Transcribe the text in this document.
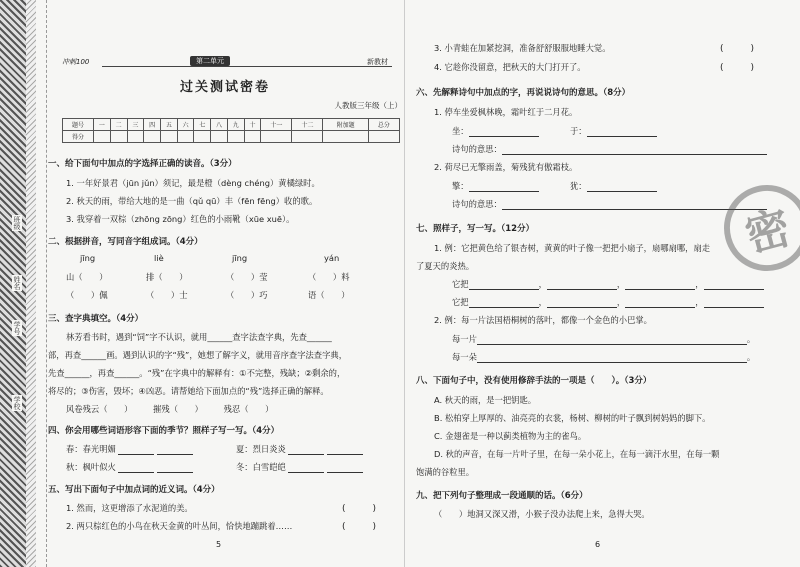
班级
姓名
学号
学校
冲刺100	第二单元	新教材
过关测试密卷
人教版三年级（上）
题号	一	二	三	四	五	六	七	八	九	十	十一	十二	附加题	总分
得分														
一、给下面句中加点的字选择正确的读音。（3分）
1. 一年好景君（jūn jǔn）须记，最是橙（dèng chéng）黄橘绿时。
2. 秋天的雨，带给大地的是一曲（qǔ qū）丰（fēn fēng）收的歌。
3. 我穿着一双棕（zhōng zōng）红色的小雨靴（xūe xuē）。
二、根据拼音，写同音字组成词。（4分）
jīng	liè	jīng	yán
山（　　）	排（　　）	（　　）莹	（　　）料
（　　）佩	（　　）士	（　　）巧	语（　　）
三、查字典填空。（4分）
林芳看书时，遇到“饲”字不认识，就用______查字法查字典，先查______
部，再查______画。遇到认识的字“残”，她想了解字义，就用音序查字法查字典，
先查______，再查______。“残”在字典中的解释有：①不完整，残缺；②剩余的，
将尽的；③伤害，毁坏；④凶恶。请帮她给下面加点的“残”选择正确的解释。
风卷残云（　　）　　　摧残（　　）　　　残忍（　　）
四、你会用哪些词语形容下面的季节？照样子写一写。（4分）
春：春光明媚	夏：烈日炎炎
秋：枫叶似火	冬：白雪皑皑
五、写出下面句子中加点词的近义词。（4分）
1. 然而，这更增添了水泥道的美。	(　　　)
2. 两只棕红色的小鸟在秋天金黄的叶丛间，恰快地蹦跳着……	(　　　)
5
3. 小青蛙在加紧挖洞，准备舒舒服服地睡大觉。	(　　　)
4. 它趁你没留意，把秋天的大门打开了。	(　　　)
六、先解释诗句中加点的字，再说说诗句的意思。（8分）
1. 停车坐爱枫林晚，霜叶红于二月花。
坐：	于：
诗句的意思：
2. 荷尽已无擎雨盖，菊残犹有傲霜枝。
擎：	犹：
诗句的意思：
七、照样子，写一写。（12分）
1. 例：它把黄色给了银杏树，黄黄的叶子像一把把小扇子，扇哪扇哪，扇走
了夏天的炎热。
它把	，	，	，
它把	，	，	，
2. 例：每一片法国梧桐树的落叶，都像一个金色的小巴掌。
每一片	。
每一朵	。
八、下面句子中，没有使用修辞手法的一项是（　　）。（3分）
A. 秋天的雨，是一把钥匙。
B. 松柏穿上厚厚的、油亮亮的衣裳，杨树、柳树的叶子飘到树妈妈的脚下。
C. 金翅雀是一种以蓟类植物为主的雀鸟。
D. 秋的声音，在每一片叶子里，在每一朵小花上，在每一滴汗水里，在每一颗
饱满的谷粒里。
九、把下列句子整理成一段通顺的话。（6分）
（　　）地洞又深又滑，小猴子没办法爬上来，急得大哭。
6
密
